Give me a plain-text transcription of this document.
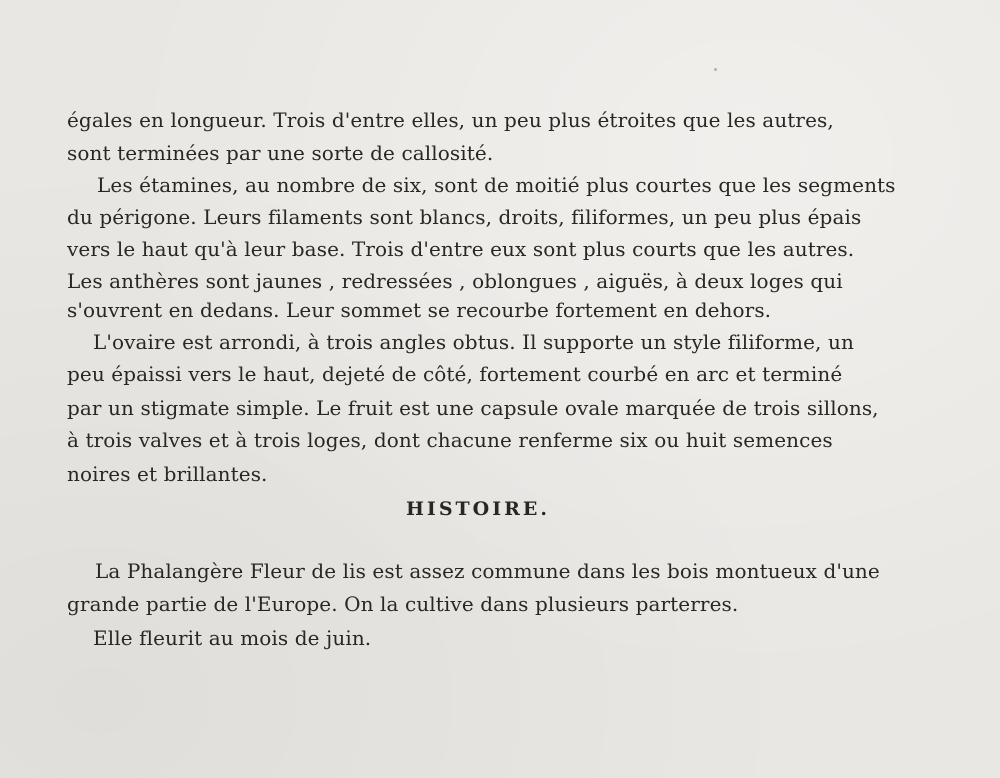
égales en longueur. Trois d'entre elles, un peu plus étroites que les autres,
sont terminées par une sorte de callosité.
Les étamines, au nombre de six, sont de moitié plus courtes que les segments
du périgone. Leurs filaments sont blancs, droits, filiformes, un peu plus épais
vers le haut qu'à leur base. Trois d'entre eux sont plus courts que les autres.
Les anthères sont jaunes , redressées , oblongues , aiguës, à deux loges qui
s'ouvrent en dedans. Leur sommet se recourbe fortement en dehors.
L'ovaire est arrondi, à trois angles obtus. Il supporte un style filiforme, un
peu épaissi vers le haut, dejeté de côté, fortement courbé en arc et terminé
par un stigmate simple. Le fruit est une capsule ovale marquée de trois sillons,
à trois valves et à trois loges, dont chacune renferme six ou huit semences
noires et brillantes.
HISTOIRE.
La Phalangère Fleur de lis est assez commune dans les bois montueux d'une
grande partie de l'Europe. On la cultive dans plusieurs parterres.
Elle fleurit au mois de juin.
